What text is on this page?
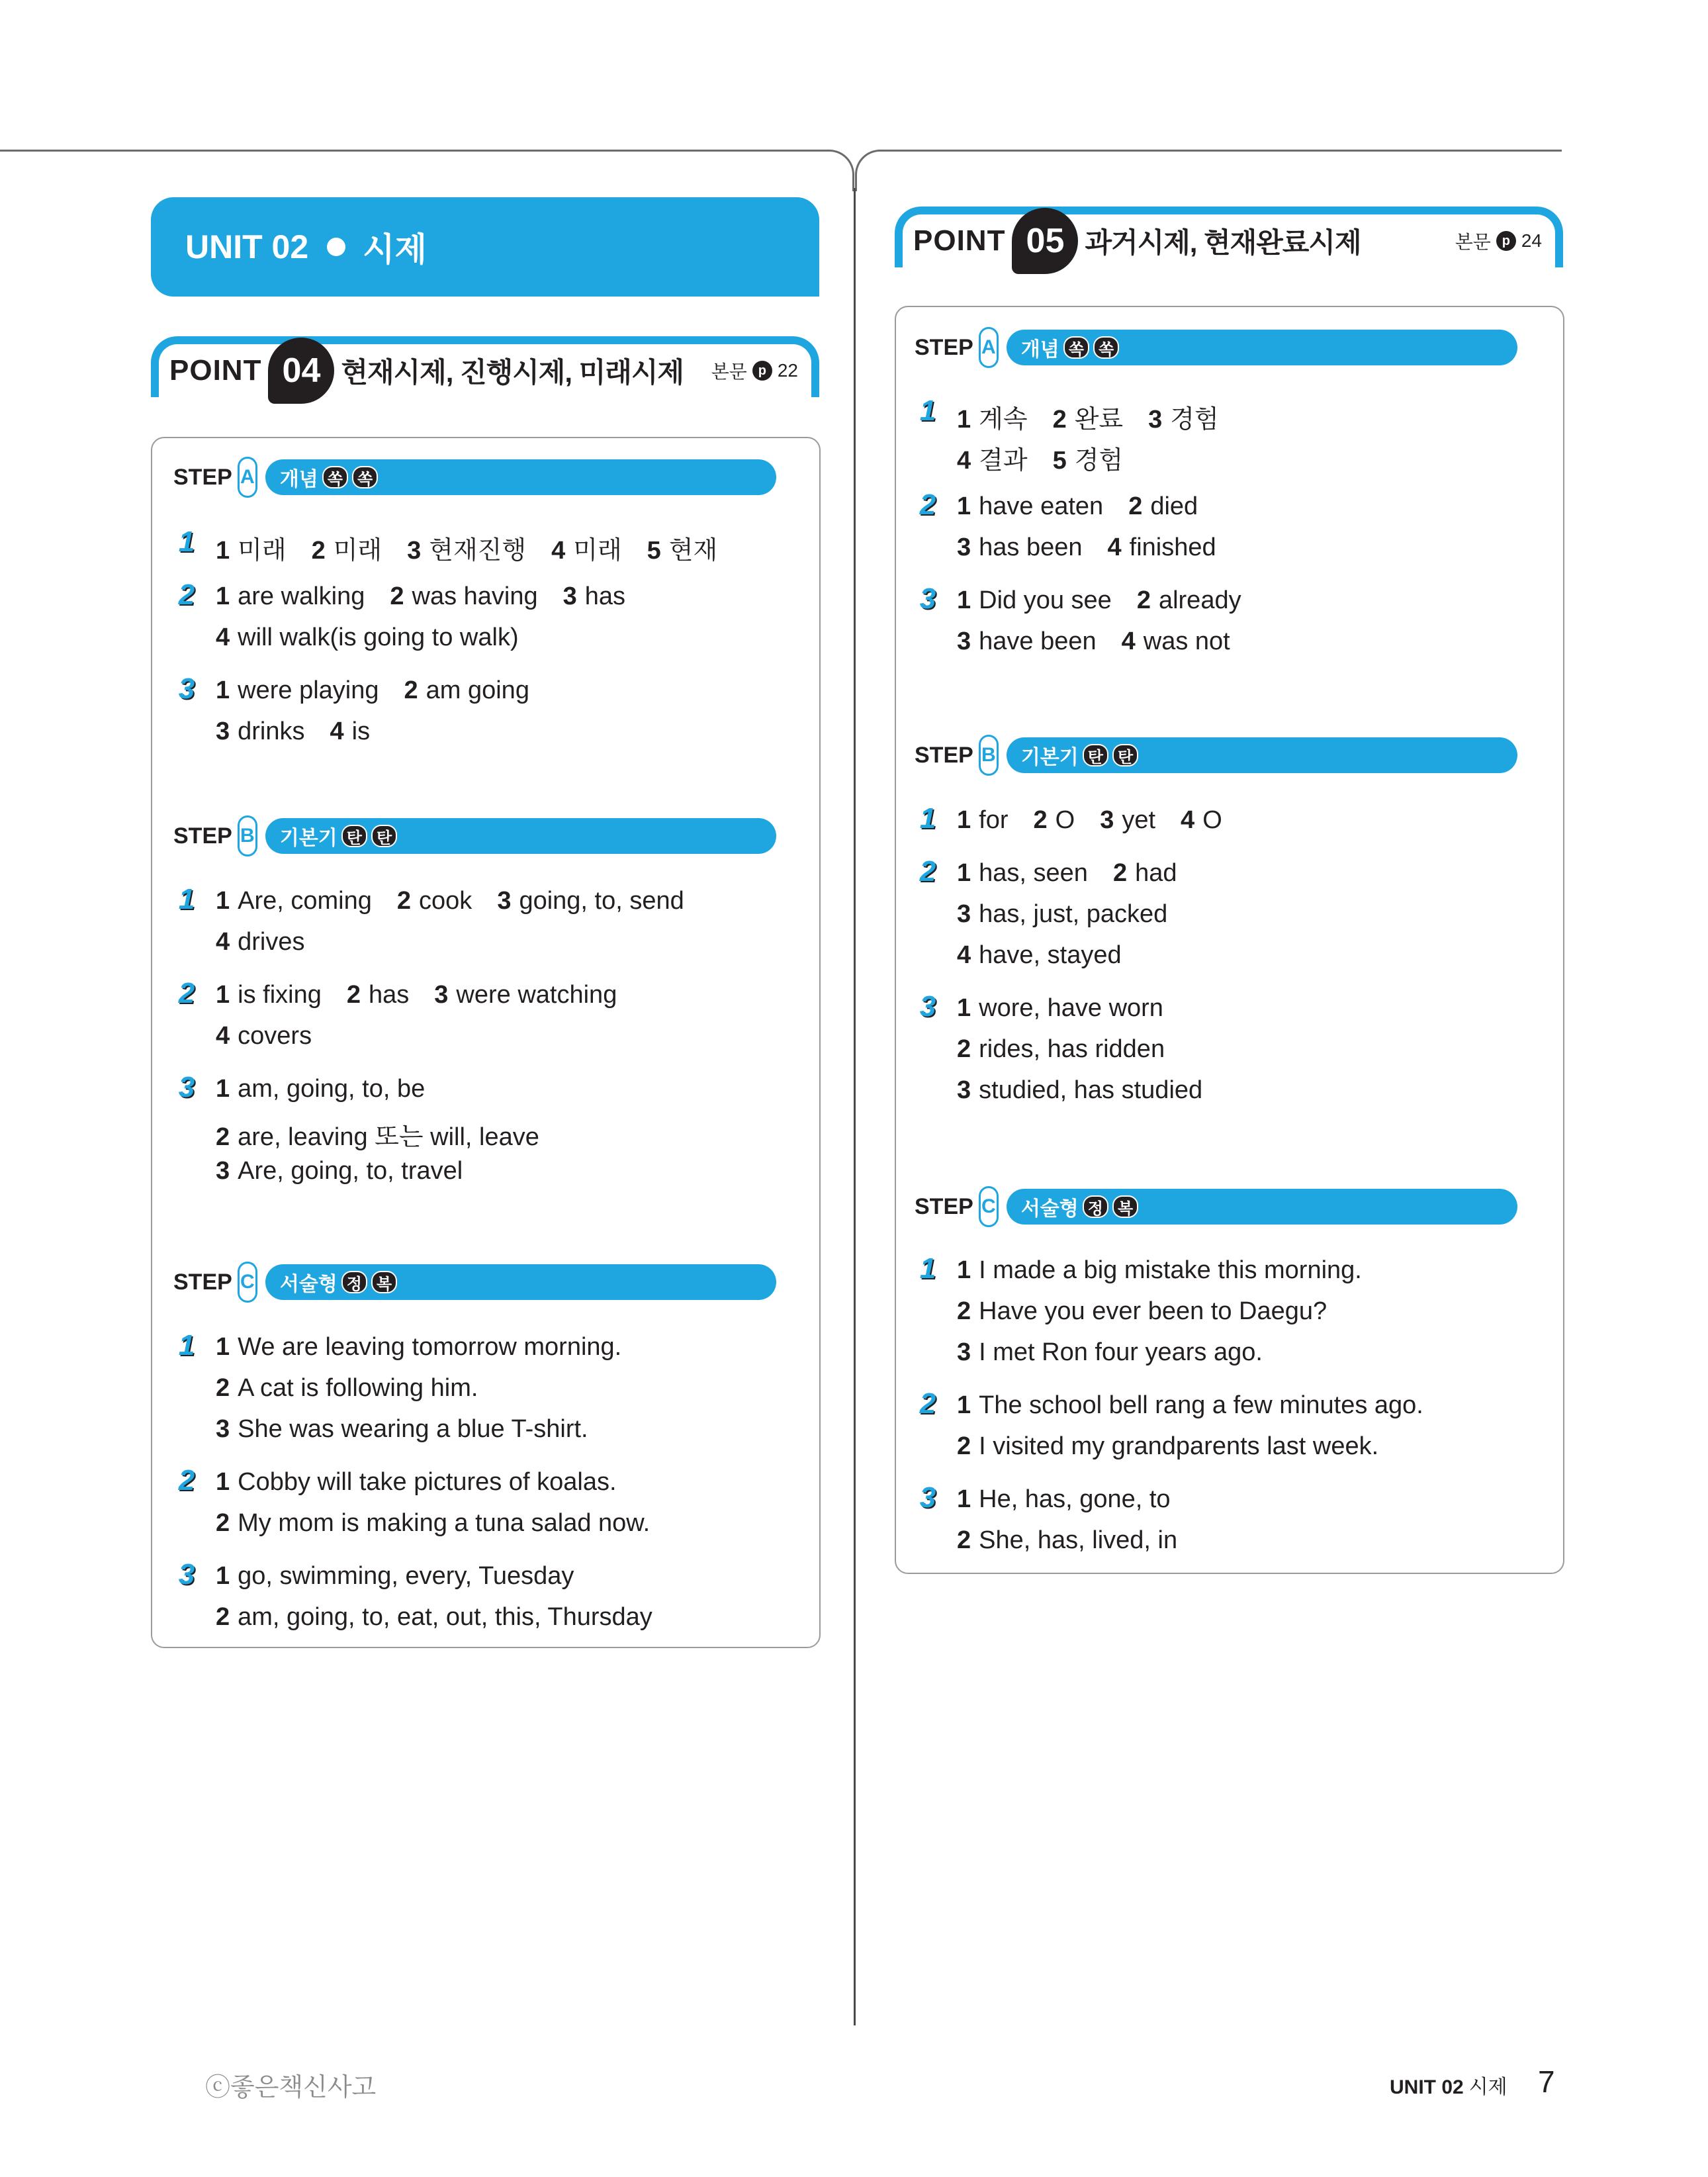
UNIT 02 시제
POINT 04 현재시제, 진행시제, 미래시제 본문 p 22
POINT 05 과거시제, 현재완료시제	본문 p 24
STEP A 개념 쏙 쏙
1 1 미래 2 미래 3 현재진행 4 미래 5 현재
2 1 are walking 2 was having 3 has
4 will walk(is going to walk)
3 1 were playing 2 am going
3 drinks 4 is
STEP B 기본기 탄 탄
1 1 Are, coming 2 cook 3 going, to, send
4 drives
2 1 is fixing 2 has 3 were watching
4 covers
3 1 am, going, to, be
2 are, leaving 또는 will, leave
3 Are, going, to, travel
STEP C 서술형 정 복
1 1 We are leaving tomorrow morning.
2 A cat is following him.
3 She was wearing a blue T-shirt.
2 1 Cobby will take pictures of koalas.
2 My mom is making a tuna salad now.
3 1 go, swimming, every, Tuesday
2 am, going, to, eat, out, this, Thursday
STEP A 개념 쏙 쏙
1 1 계속 2 완료 3 경험
4 결과 5 경험
2 1 have eaten 2 died
3 has been 4 finished
3 1 Did you see 2 already
3 have been 4 was not
STEP B 기본기 탄 탄
1 1 for 2 O 3 yet 4 O
2 1 has, seen 2 had
3 has, just, packed
4 have, stayed
3 1 wore, have worn
2 rides, has ridden
3 studied, has studied
STEP C 서술형 정 복
1 1 I made a big mistake this morning.
2 Have you ever been to Daegu?
3 I met Ron four years ago.
2 1 The school bell rang a few minutes ago.
2 I visited my grandparents last week.
3 1 He, has, gone, to
2 She, has, lived, in
ⓒ좋은책신사고	UNIT 02 시제 7
